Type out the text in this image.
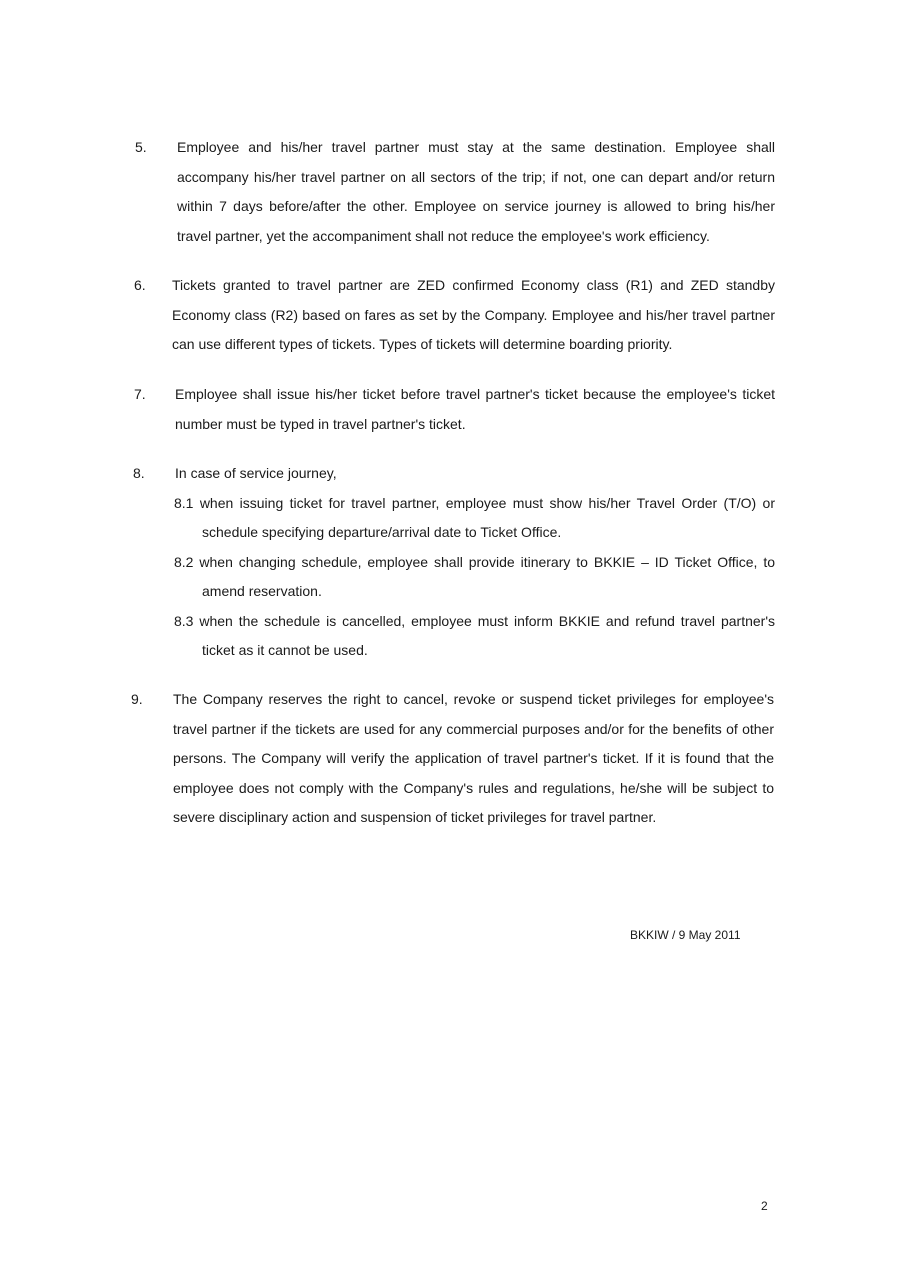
5. Employee and his/her travel partner must stay at the same destination. Employee shall accompany his/her travel partner on all sectors of the trip; if not, one can depart and/or return within 7 days before/after the other. Employee on service journey is allowed to bring his/her travel partner, yet the accompaniment shall not reduce the employee's work efficiency.

6. Tickets granted to travel partner are ZED confirmed Economy class (R1) and ZED standby Economy class (R2) based on fares as set by the Company. Employee and his/her travel partner can use different types of tickets. Types of tickets will determine boarding priority.

7. Employee shall issue his/her ticket before travel partner's ticket because the employee's ticket number must be typed in travel partner's ticket.

8. In case of service journey,

8.1 when issuing ticket for travel partner, employee must show his/her Travel Order (T/O) or schedule specifying departure/arrival date to Ticket Office.

8.2 when changing schedule, employee shall provide itinerary to BKKIE – ID Ticket Office, to amend reservation.

8.3 when the schedule is cancelled, employee must inform BKKIE and refund travel partner's ticket as it cannot be used.

9. The Company reserves the right to cancel, revoke or suspend ticket privileges for employee's travel partner if the tickets are used for any commercial purposes and/or for the benefits of other persons. The Company will verify the application of travel partner's ticket. If it is found that the employee does not comply with the Company's rules and regulations, he/she will be subject to severe disciplinary action and suspension of ticket privileges for travel partner.

BKKIW / 9 May 2011
2
